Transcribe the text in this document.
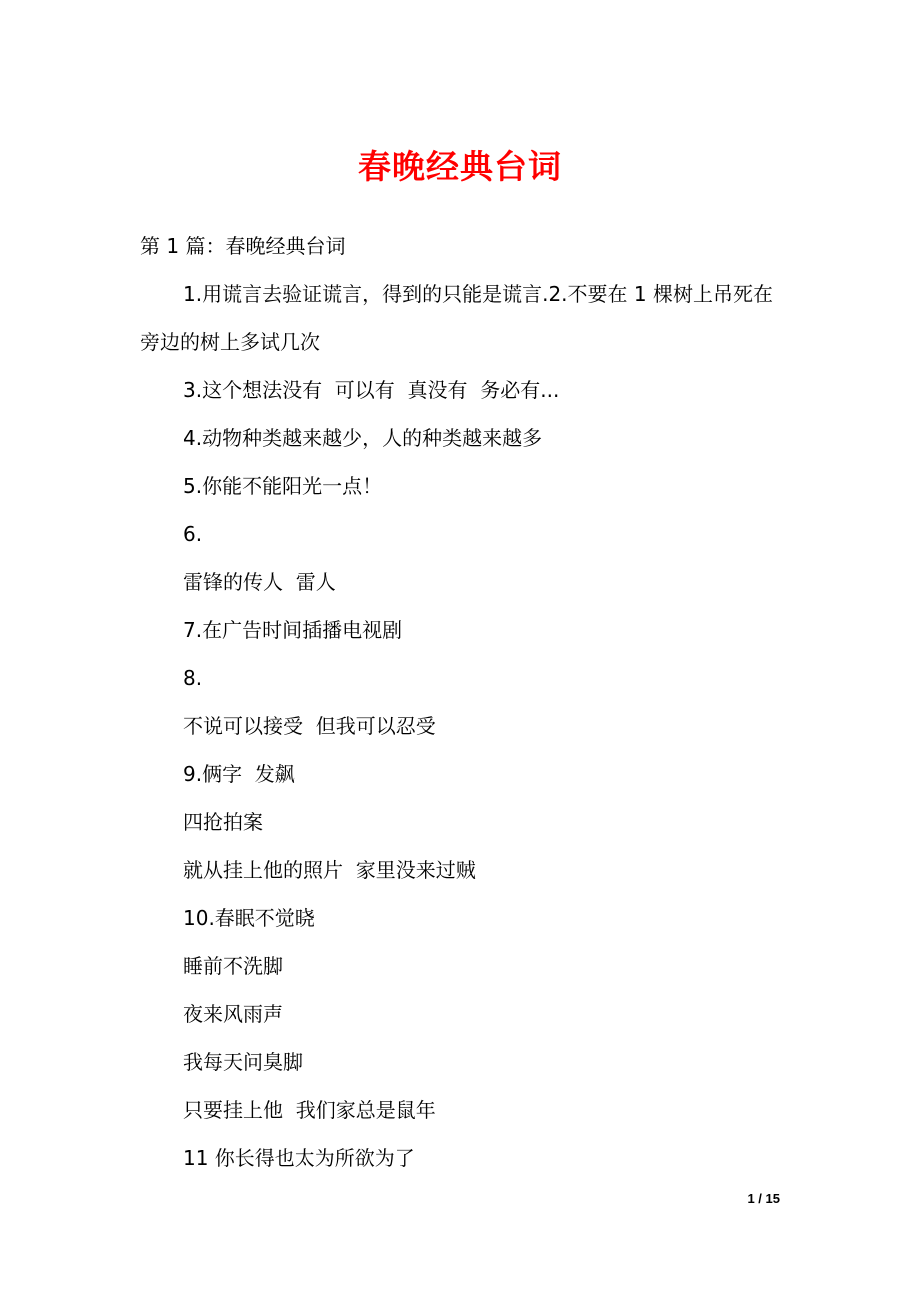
春晚经典台词

第 1 篇：春晚经典台词

1.用谎言去验证谎言，得到的只能是谎言.2.不要在 1 棵树上吊死在旁边的树上多试几次

3.这个想法没有  可以有  真没有  务必有...

4.动物种类越来越少，人的种类越来越多

5.你能不能阳光一点！

6.

雷锋的传人  雷人

7.在广告时间插播电视剧

8.

不说可以接受  但我可以忍受

9.俩字  发飙

四抢拍案

就从挂上他的照片  家里没来过贼

10.春眠不觉晓

睡前不洗脚

夜来风雨声

我每天问臭脚

只要挂上他  我们家总是鼠年

11 你长得也太为所欲为了

1 / 15
